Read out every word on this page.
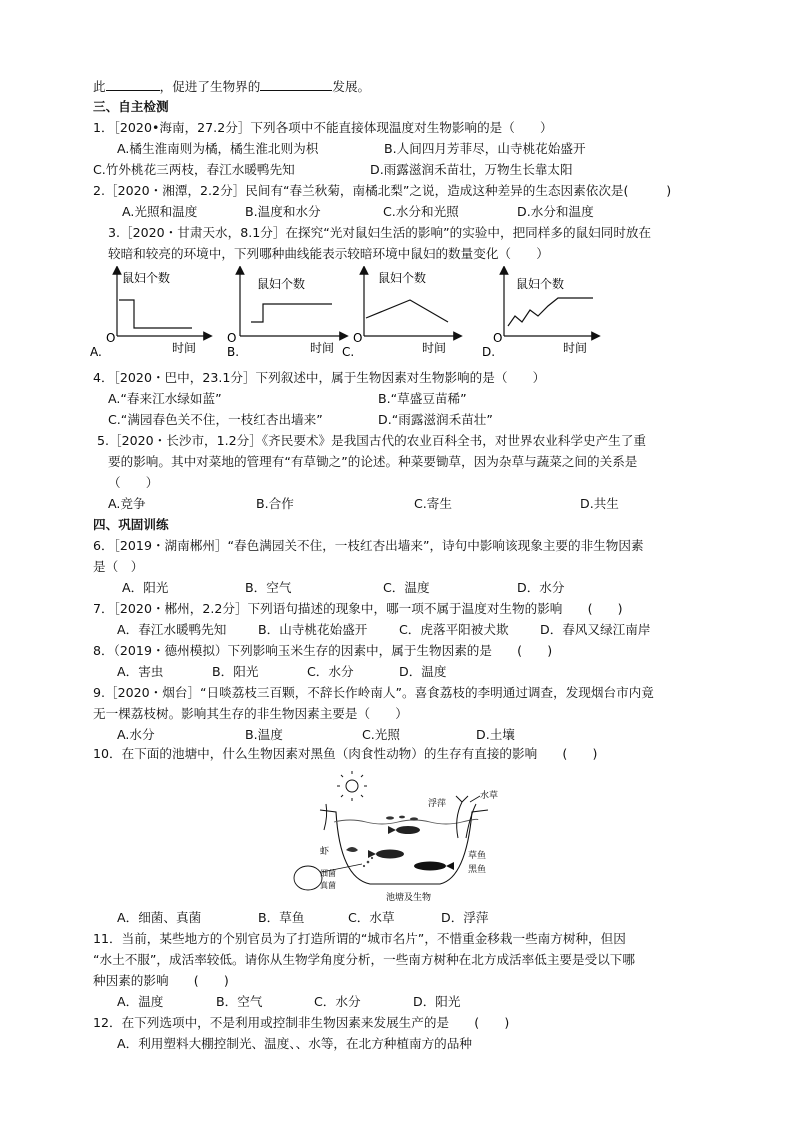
此	，促进了生物界的	发展。
三、自主检测
1．［2020•海南，27.2分］下列各项中不能直接体现温度对生物影响的是（　　）
A.橘生淮南则为橘，橘生淮北则为枳	B.人间四月芳菲尽，山寺桃花始盛开
C.竹外桃花三两枝，春江水暖鸭先知	D.雨露滋润禾苗壮，万物生长靠太阳
2.［2020・湘潭，2.2分］民间有“春兰秋菊，南橘北梨”之说，造成这种差异的生态因素依次是(　　　)
A.光照和温度	B.温度和水分	C.水分和光照	D.水分和温度
3.［2020・甘肃天水，8.1分］在探究“光对鼠妇生活的影响”的实验中，把同样多的鼠妇同时放在
较暗和较亮的环境中，下列哪种曲线能表示较暗环境中鼠妇的数量变化（　　）
鼠妇个数
O
时间
A.
鼠妇个数
O
时间
B.
鼠妇个数
O
时间
C.
鼠妇个数
O
时间
D.
4．［2020・巴中，23.1分］下列叙述中，属于生物因素对生物影响的是（　　）
A.“春来江水绿如蓝”	B.“草盛豆苗稀”
C.“满园春色关不住，一枝红杏出墙来”	D.“雨露滋润禾苗壮”
5.［2020・长沙市，1.2分］《齐民要术》是我国古代的农业百科全书，对世界农业科学史产生了重
要的影响。其中对菜地的管理有“有草锄之”的论述。种菜要锄草，因为杂草与蔬菜之间的关系是
（　　）
A.竞争	B.合作	C.寄生	D.共生
四、巩固训练
6．［2019・湖南郴州］“春色满园关不住，一枝红杏出墙来”，诗句中影响该现象主要的非生物因素
是（　）
A．阳光	B．空气	C．温度	D．水分
7．［2020・郴州，2.2分］下列语句描述的现象中，哪一项不属于温度对生物的影响　　(　　)
A．春江水暖鸭先知	B．山寺桃花始盛开	C．虎落平阳被犬欺 D．春风又绿江南岸
8．（2019・德州模拟）下列影响玉米生存的因素中，属于生物因素的是　　(　　)
A．害虫	B．阳光	C．水分	D．温度
9.［2020・烟台］“日啖荔枝三百颗，不辞长作岭南人”。喜食荔枝的李明通过调查，发现烟台市内竟
无一棵荔枝树。影响其生存的非生物因素主要是（　　）
A.水分	B.温度	C.光照	D.土壤
10．在下面的池塘中，什么生物因素对黑鱼（肉食性动物）的生存有直接的影响　　(　　)
水草
浮萍
虾	草鱼
黑鱼
细菌
真菌
池塘及生物
A．细菌、真菌	B．草鱼	C．水草	D．浮萍
11．当前，某些地方的个别官员为了打造所谓的“城市名片”，不惜重金移栽一些南方树种，但因
“水土不服”，成活率较低。请你从生物学角度分析，一些南方树种在北方成活率低主要是受以下哪
种因素的影响　　(　　)
A．温度	B．空气	C．水分	D．阳光
12．在下列选项中，不是利用或控制非生物因素来发展生产的是　　(　　)
A．利用塑料大棚控制光、温度、、水等，在北方种植南方的品种
